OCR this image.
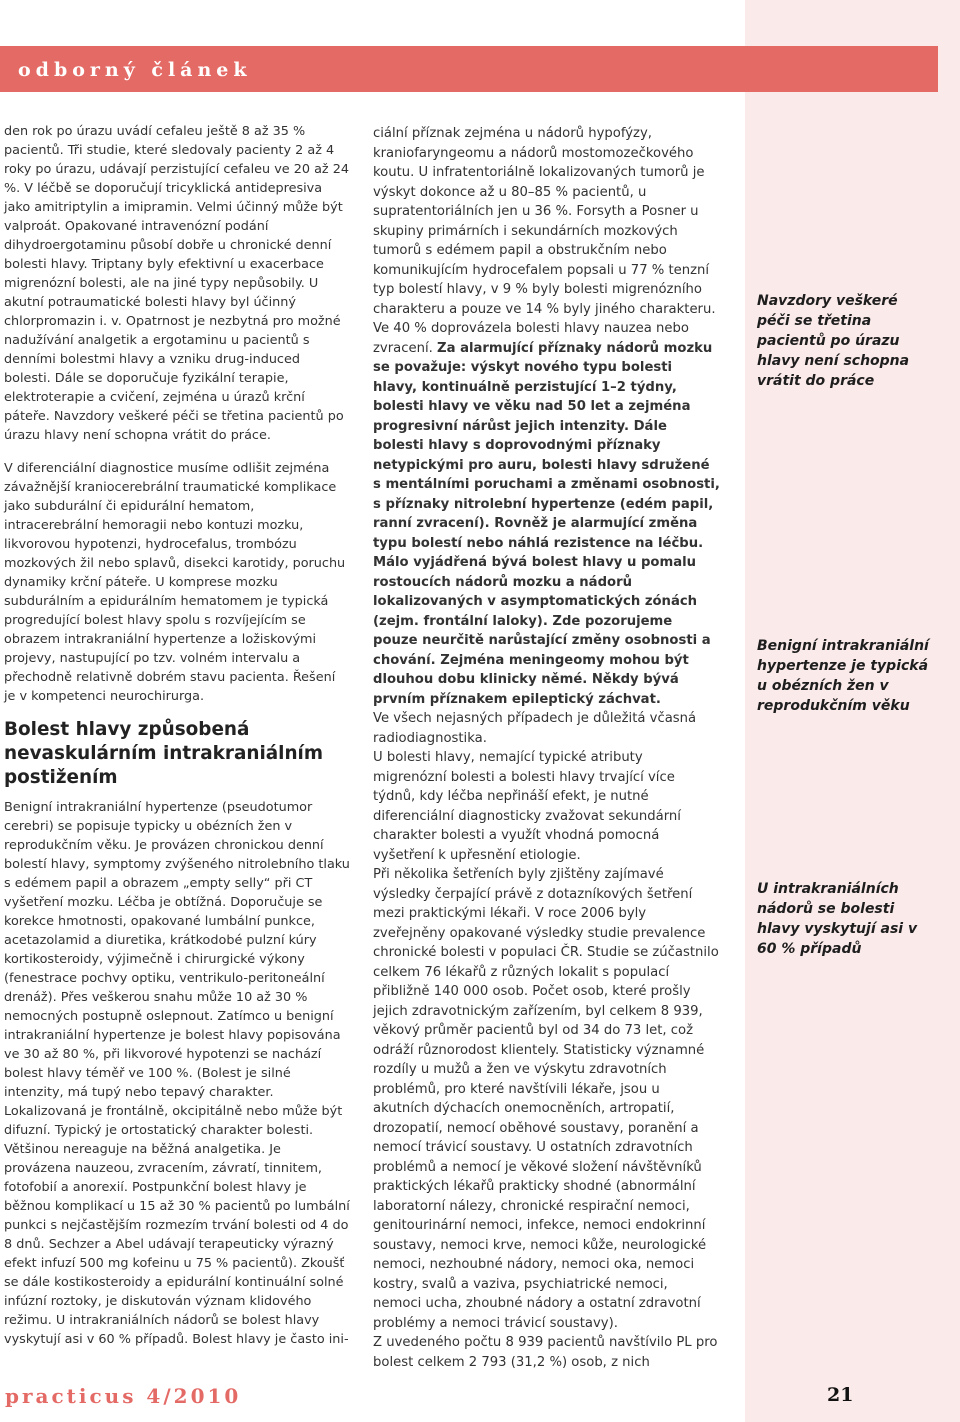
odborný článek

den rok po úrazu uvádí cefaleu ještě 8 až 35 % pacientů. Tři studie, které sledovaly pacienty 2 až 4 roky po úrazu, udávají perzistující cefaleu ve 20 až 24 %. V léčbě se doporučují tricyklická antidepresiva jako amitriptylin a imipramin. Velmi účinný může být valproát. Opakované intravenózní podání dihydroergotaminu působí dobře u chronické denní bolesti hlavy. Triptany byly efektivní u exacerbace migrenózní bolesti, ale na jiné typy nepůsobily. U akutní potraumatické bolesti hlavy byl účinný chlorpromazin i. v. Opatrnost je nezbytná pro možné nadužívání analgetik a ergotaminu u pacientů s denními bolestmi hlavy a vzniku drug-induced bolesti. Dále se doporučuje fyzikální terapie, elektroterapie a cvičení, zejména u úrazů krční páteře. Navzdory veškeré péči se třetina pacientů po úrazu hlavy není schopna vrátit do práce.

V diferenciální diagnostice musíme odlišit zejména závažnější kraniocerebrální traumatické komplikace jako subdurální či epidurální hematom, intracerebrální hemoragii nebo kontuzi mozku, likvorovou hypotenzi, hydrocefalus, trombózu mozkových žil nebo splavů, disekci karotidy, poruchu dynamiky krční páteře. U komprese mozku subdurálním a epidurálním hematomem je typická progredující bolest hlavy spolu s rozvíjejícím se obrazem intrakraniální hypertenze a ložiskovými projevy, nastupující po tzv. volném intervalu a přechodně relativně dobrém stavu pacienta. Řešení je v kompetenci neurochirurga.

Bolest hlavy způsobená nevaskulárním intrakraniálním postižením

Benigní intrakraniální hypertenze (pseudotumor cerebri) se popisuje typicky u obézních žen v reprodukčním věku. Je provázen chronickou denní bolestí hlavy, symptomy zvýšeného nitrolebního tlaku s edémem papil a obrazem „empty selly“ při CT vyšetření mozku. Léčba je obtížná. Doporučuje se korekce hmotnosti, opakované lumbální punkce, acetazolamid a diuretika, krátkodobé pulzní kúry kortikosteroidy, výjimečně i chirurgické výkony (fenestrace pochvy optiku, ventrikulo-peritoneální drenáž). Přes veškerou snahu může 10 až 30 % nemocných postupně oslepnout. Zatímco u benigní intrakraniální hypertenze je bolest hlavy popisována ve 30 až 80 %, při likvorové hypotenzi se nachází bolest hlavy téměř ve 100 %. (Bolest je silné intenzity, má tupý nebo tepavý charakter. Lokalizovaná je frontálně, okcipitálně nebo může být difuzní. Typický je ortostatický charakter bolesti. Většinou nereaguje na běžná analgetika. Je provázena nauzeou, zvracením, závratí, tinnitem, fotofobií a anorexií. Postpunkční bolest hlavy je běžnou komplikací u 15 až 30 % pacientů po lumbální punkci s nejčastějším rozmezím trvání bolesti od 4 do 8 dnů. Sechzer a Abel udávají terapeuticky výrazný efekt infuzí 500 mg kofeinu u 75 % pacientů). Zkoušť se dále kostikosteroidy a epidurální kontinuální solné infúzní roztoky, je diskutován význam klidového režimu. U intrakraniálních nádorů se bolest hlavy vyskytují asi v 60 % případů. Bolest hlavy je často ini-

ciální příznak zejména u nádorů hypofýzy, kraniofaryngeomu a nádorů mostomozečkového koutu. U infratentoriálně lokalizovaných tumorů je výskyt dokonce až u 80–85 % pacientů, u supratentoriálních jen u 36 %. Forsyth a Posner u skupiny primárních i sekundárních mozkových tumorů s edémem papil a obstrukčním nebo komunikujícím hydrocefalem popsali u 77 % tenzní typ bolestí hlavy, v 9 % byly bolesti migrenózního charakteru a pouze ve 14 % byly jiného charakteru. Ve 40 % doprovázela bolesti hlavy nauzea nebo zvracení. Za alarmující příznaky nádorů mozku se považuje: výskyt nového typu bolesti hlavy, kontinuálně perzistující 1–2 týdny, bolesti hlavy ve věku nad 50 let a zejména progresivní nárůst jejich intenzity. Dále bolesti hlavy s doprovodnými příznaky netypickými pro auru, bolesti hlavy sdružené s mentálními poruchami a změnami osobnosti, s příznaky nitrolební hypertenze (edém papil, ranní zvracení). Rovněž je alarmující změna typu bolestí nebo náhlá rezistence na léčbu. Málo vyjádřená bývá bolest hlavy u pomalu rostoucích nádorů mozku a nádorů lokalizovaných v asymptomatických zónách (zejm. frontální laloky). Zde pozorujeme pouze neurčitě narůstající změny osobnosti a chování. Zejména meningeomy mohou být dlouhou dobu klinicky němé. Někdy bývá prvním příznakem epileptický záchvat.

Ve všech nejasných případech je důležitá včasná radiodiagnostika.

U bolesti hlavy, nemající typické atributy migrenózní bolesti a bolesti hlavy trvající více týdnů, kdy léčba nepřináší efekt, je nutné diferenciální diagnosticky zvažovat sekundární charakter bolesti a využít vhodná pomocná vyšetření k upřesnění etiologie.

Při několika šetřeních byly zjištěny zajímavé výsledky čerpající právě z dotazníkových šetření mezi praktickými lékaři. V roce 2006 byly zveřejněny opakované výsledky studie prevalence chronické bolesti v populaci ČR. Studie se zúčastnilo celkem 76 lékařů z různých lokalit s populací přibližně 140 000 osob. Počet osob, které prošly jejich zdravotnickým zařízením, byl celkem 8 939, věkový průměr pacientů byl od 34 do 73 let, což odráží různorodost klientely. Statisticky významné rozdíly u mužů a žen ve výskytu zdravotních problémů, pro které navštívili lékaře, jsou u akutních dýchacích onemocněních, artropatií, drozopatií, nemocí oběhové soustavy, poranění a nemocí trávicí soustavy. U ostatních zdravotních problémů a nemocí je věkové složení návštěvníků praktických lékařů prakticky shodné (abnormální laboratorní nálezy, chronické respirační nemoci, genitourinární nemoci, infekce, nemoci endokrinní soustavy, nemoci krve, nemoci kůže, neurologické nemoci, nezhoubné nádory, nemoci oka, nemoci kostry, svalů a vaziva, psychiatrické nemoci, nemoci ucha, zhoubné nádory a ostatní zdravotní problémy a nemoci trávicí soustavy).

Z uvedeného počtu 8 939 pacientů navštívilo PL pro bolest celkem 2 793 (31,2 %) osob, z nich

Navzdory veškeré péči se třetina pacientů po úrazu hlavy není schopna vrátit do práce

Benigní intrakraniální hypertenze je typická u obézních žen v reprodukčním věku

U intrakraniálních nádorů se bolesti hlavy vyskytují asi v 60 % případů

practicus 4/2010	21
